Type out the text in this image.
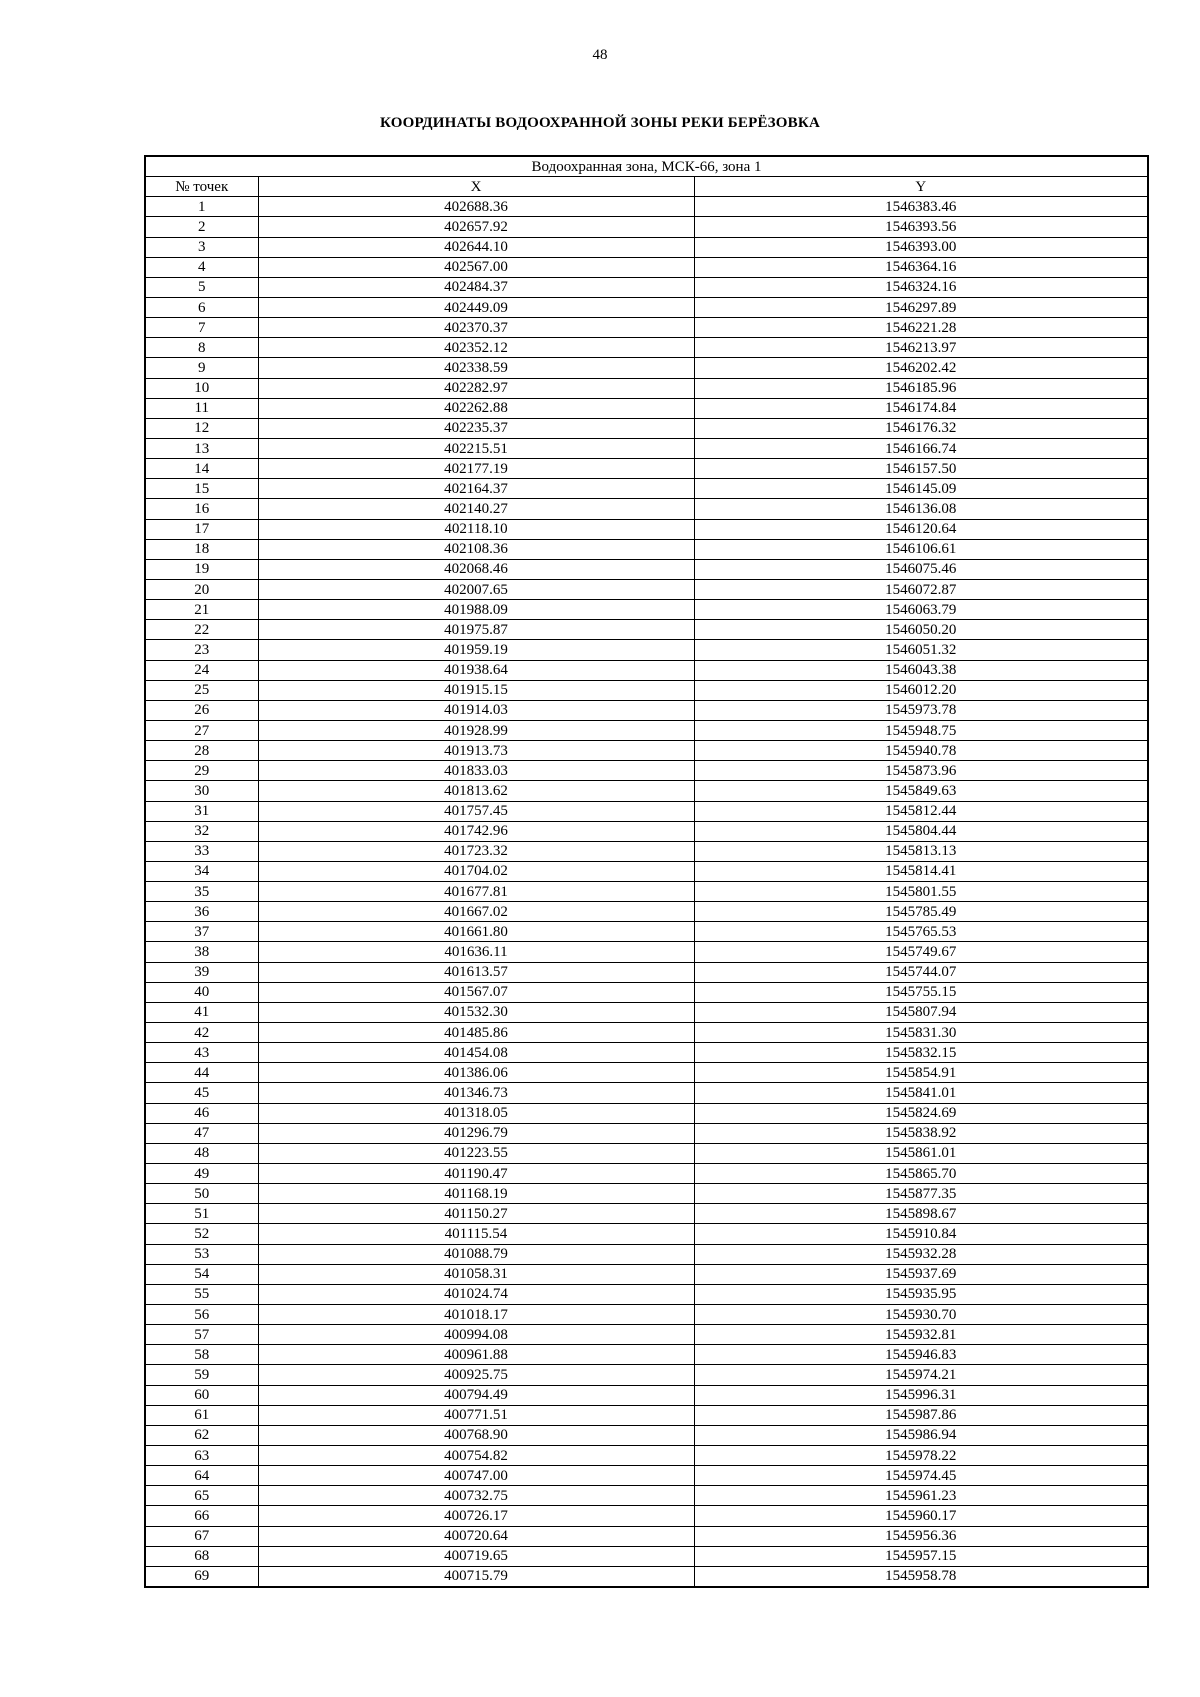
48
КООРДИНАТЫ ВОДООХРАННОЙ ЗОНЫ РЕКИ БЕРЁЗОВКА
Водоохранная зона, МСК-66, зона 1		
№ точек	X	Y
1	402688.36	1546383.46
2	402657.92	1546393.56
3	402644.10	1546393.00
4	402567.00	1546364.16
5	402484.37	1546324.16
6	402449.09	1546297.89
7	402370.37	1546221.28
8	402352.12	1546213.97
9	402338.59	1546202.42
10	402282.97	1546185.96
11	402262.88	1546174.84
12	402235.37	1546176.32
13	402215.51	1546166.74
14	402177.19	1546157.50
15	402164.37	1546145.09
16	402140.27	1546136.08
17	402118.10	1546120.64
18	402108.36	1546106.61
19	402068.46	1546075.46
20	402007.65	1546072.87
21	401988.09	1546063.79
22	401975.87	1546050.20
23	401959.19	1546051.32
24	401938.64	1546043.38
25	401915.15	1546012.20
26	401914.03	1545973.78
27	401928.99	1545948.75
28	401913.73	1545940.78
29	401833.03	1545873.96
30	401813.62	1545849.63
31	401757.45	1545812.44
32	401742.96	1545804.44
33	401723.32	1545813.13
34	401704.02	1545814.41
35	401677.81	1545801.55
36	401667.02	1545785.49
37	401661.80	1545765.53
38	401636.11	1545749.67
39	401613.57	1545744.07
40	401567.07	1545755.15
41	401532.30	1545807.94
42	401485.86	1545831.30
43	401454.08	1545832.15
44	401386.06	1545854.91
45	401346.73	1545841.01
46	401318.05	1545824.69
47	401296.79	1545838.92
48	401223.55	1545861.01
49	401190.47	1545865.70
50	401168.19	1545877.35
51	401150.27	1545898.67
52	401115.54	1545910.84
53	401088.79	1545932.28
54	401058.31	1545937.69
55	401024.74	1545935.95
56	401018.17	1545930.70
57	400994.08	1545932.81
58	400961.88	1545946.83
59	400925.75	1545974.21
60	400794.49	1545996.31
61	400771.51	1545987.86
62	400768.90	1545986.94
63	400754.82	1545978.22
64	400747.00	1545974.45
65	400732.75	1545961.23
66	400726.17	1545960.17
67	400720.64	1545956.36
68	400719.65	1545957.15
69	400715.79	1545958.78
